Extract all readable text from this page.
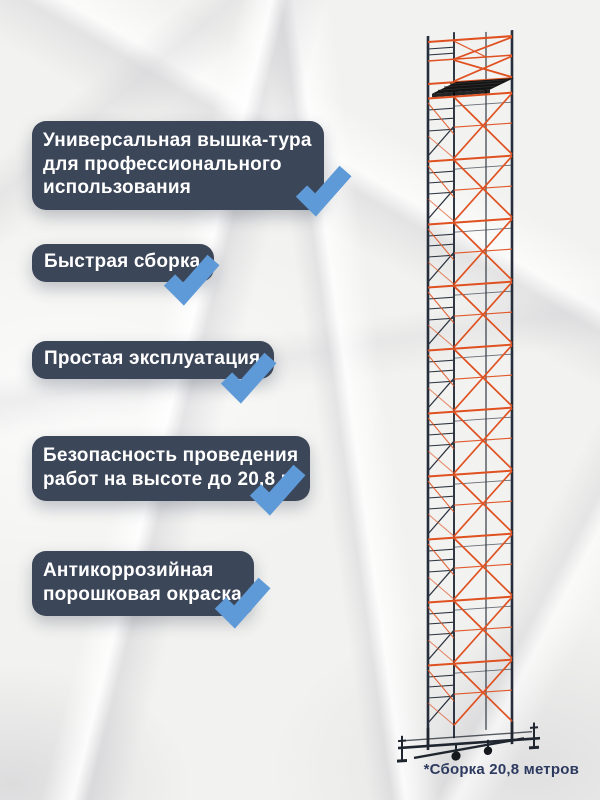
Универсальная вышка-тура
для профессионального
использования
Быстрая сборка
Простая эксплуатация
Безопасность проведения
работ на высоте до 20,8 м
Антикоррозийная
порошковая окраска
*Сборка 20,8 метров
